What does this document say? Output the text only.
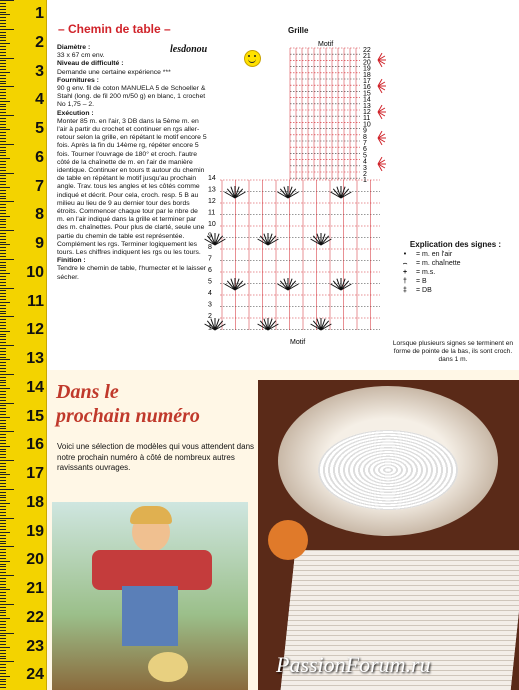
1
2
3
4
5
6
7
8
9
10
11
12
13
14
15
16
17
18
19
20
21
22
23
24
– Chemin de table –
lesdonou
Diamètre :

33 x 67 cm env.

Niveau de difficulté :

Demande une certaine expérience ***

Fournitures :

90 g env. fil de coton MANUELA 5 de Schoeller & Stahl (long. de fil 200 m/50 g) en blanc, 1 crochet No 1,75 – 2.

Exécution :

Monter 85 m. en l'air, 3 DB dans la 5ème m. en l'air à partir du crochet et continuer en rgs aller-retour selon la grille, en répétant le motif encore 5 fois. Après la fin du 14ème rg, répéter encore 5 fois. Tourner l'ouvrage de 180° et croch. l'autre côté de la chaînette de m. en l'air de manière identique. Continuer en tours tt autour du chemin de table en répétant le motif jusqu'au prochain angle. Trav. tous les angles et les côtés comme indiqué et décrit. Pour cela, croch. resp. 5 B au milieu au lieu de 9 au dernier tour des bords étroits. Commencer chaque tour par le nbre de m. en l'air indiqué dans la grille et terminer par des m. chaînettes. Pour plus de clarté, seule une partie du chemin de table est représentée. Complément les rgs. Terminer logiquement les tours. Les chiffres indiquent les rgs ou les tours.

Finition :

Tendre le chemin de table, l'humecter et le laisser sécher.

Grille
14
13
12
11
10
9
8
7
6
5
4
3
2
1
22
21
20
19
18
17
16
15
14
13
12
11
10
9
8
7
6
5
4
3
2
1
Motif
Motif
Explication des signes :
•	= m. en l'air
⌢	= m. chaînette
+	= m.s.
†	= B
‡	= DB
Lorsque plusieurs signes se terminent en forme de pointe de la bas, ils sont croch. dans 1 m.
Dans le
prochain numéro
Voici une sélection de modèles qui vous attendent dans notre prochain numéro à côté de nombreux autres ravissants ouvrages.
PassionForum.ru
